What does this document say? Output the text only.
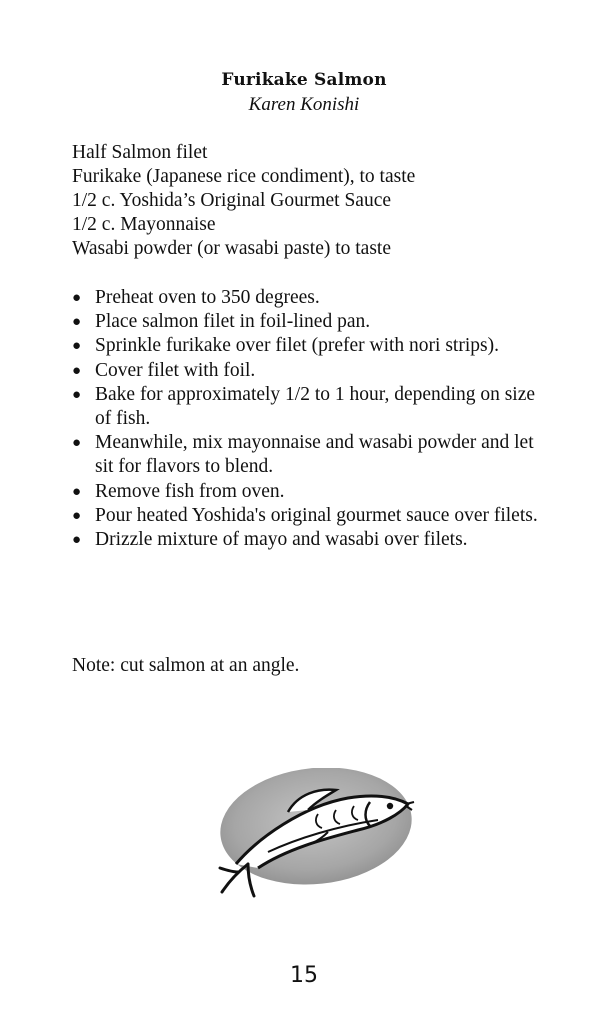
Furikake Salmon
Karen Konishi
Half Salmon filet
Furikake (Japanese rice condiment), to taste
1/2 c. Yoshida’s Original Gourmet Sauce
1/2 c. Mayonnaise
Wasabi powder (or wasabi paste) to taste
● Preheat oven to 350 degrees.
● Place salmon filet in foil-lined pan.
● Sprinkle furikake over filet (prefer with nori strips).
● Cover filet with foil.
● Bake for approximately 1/2 to 1 hour, depending on size of fish.
● Meanwhile, mix mayonnaise and wasabi powder and let sit for flavors to blend.
● Remove fish from oven.
● Pour heated Yoshida's original gourmet sauce over filets.
● Drizzle mixture of mayo and wasabi over filets.
Note: cut salmon at an angle.
15
